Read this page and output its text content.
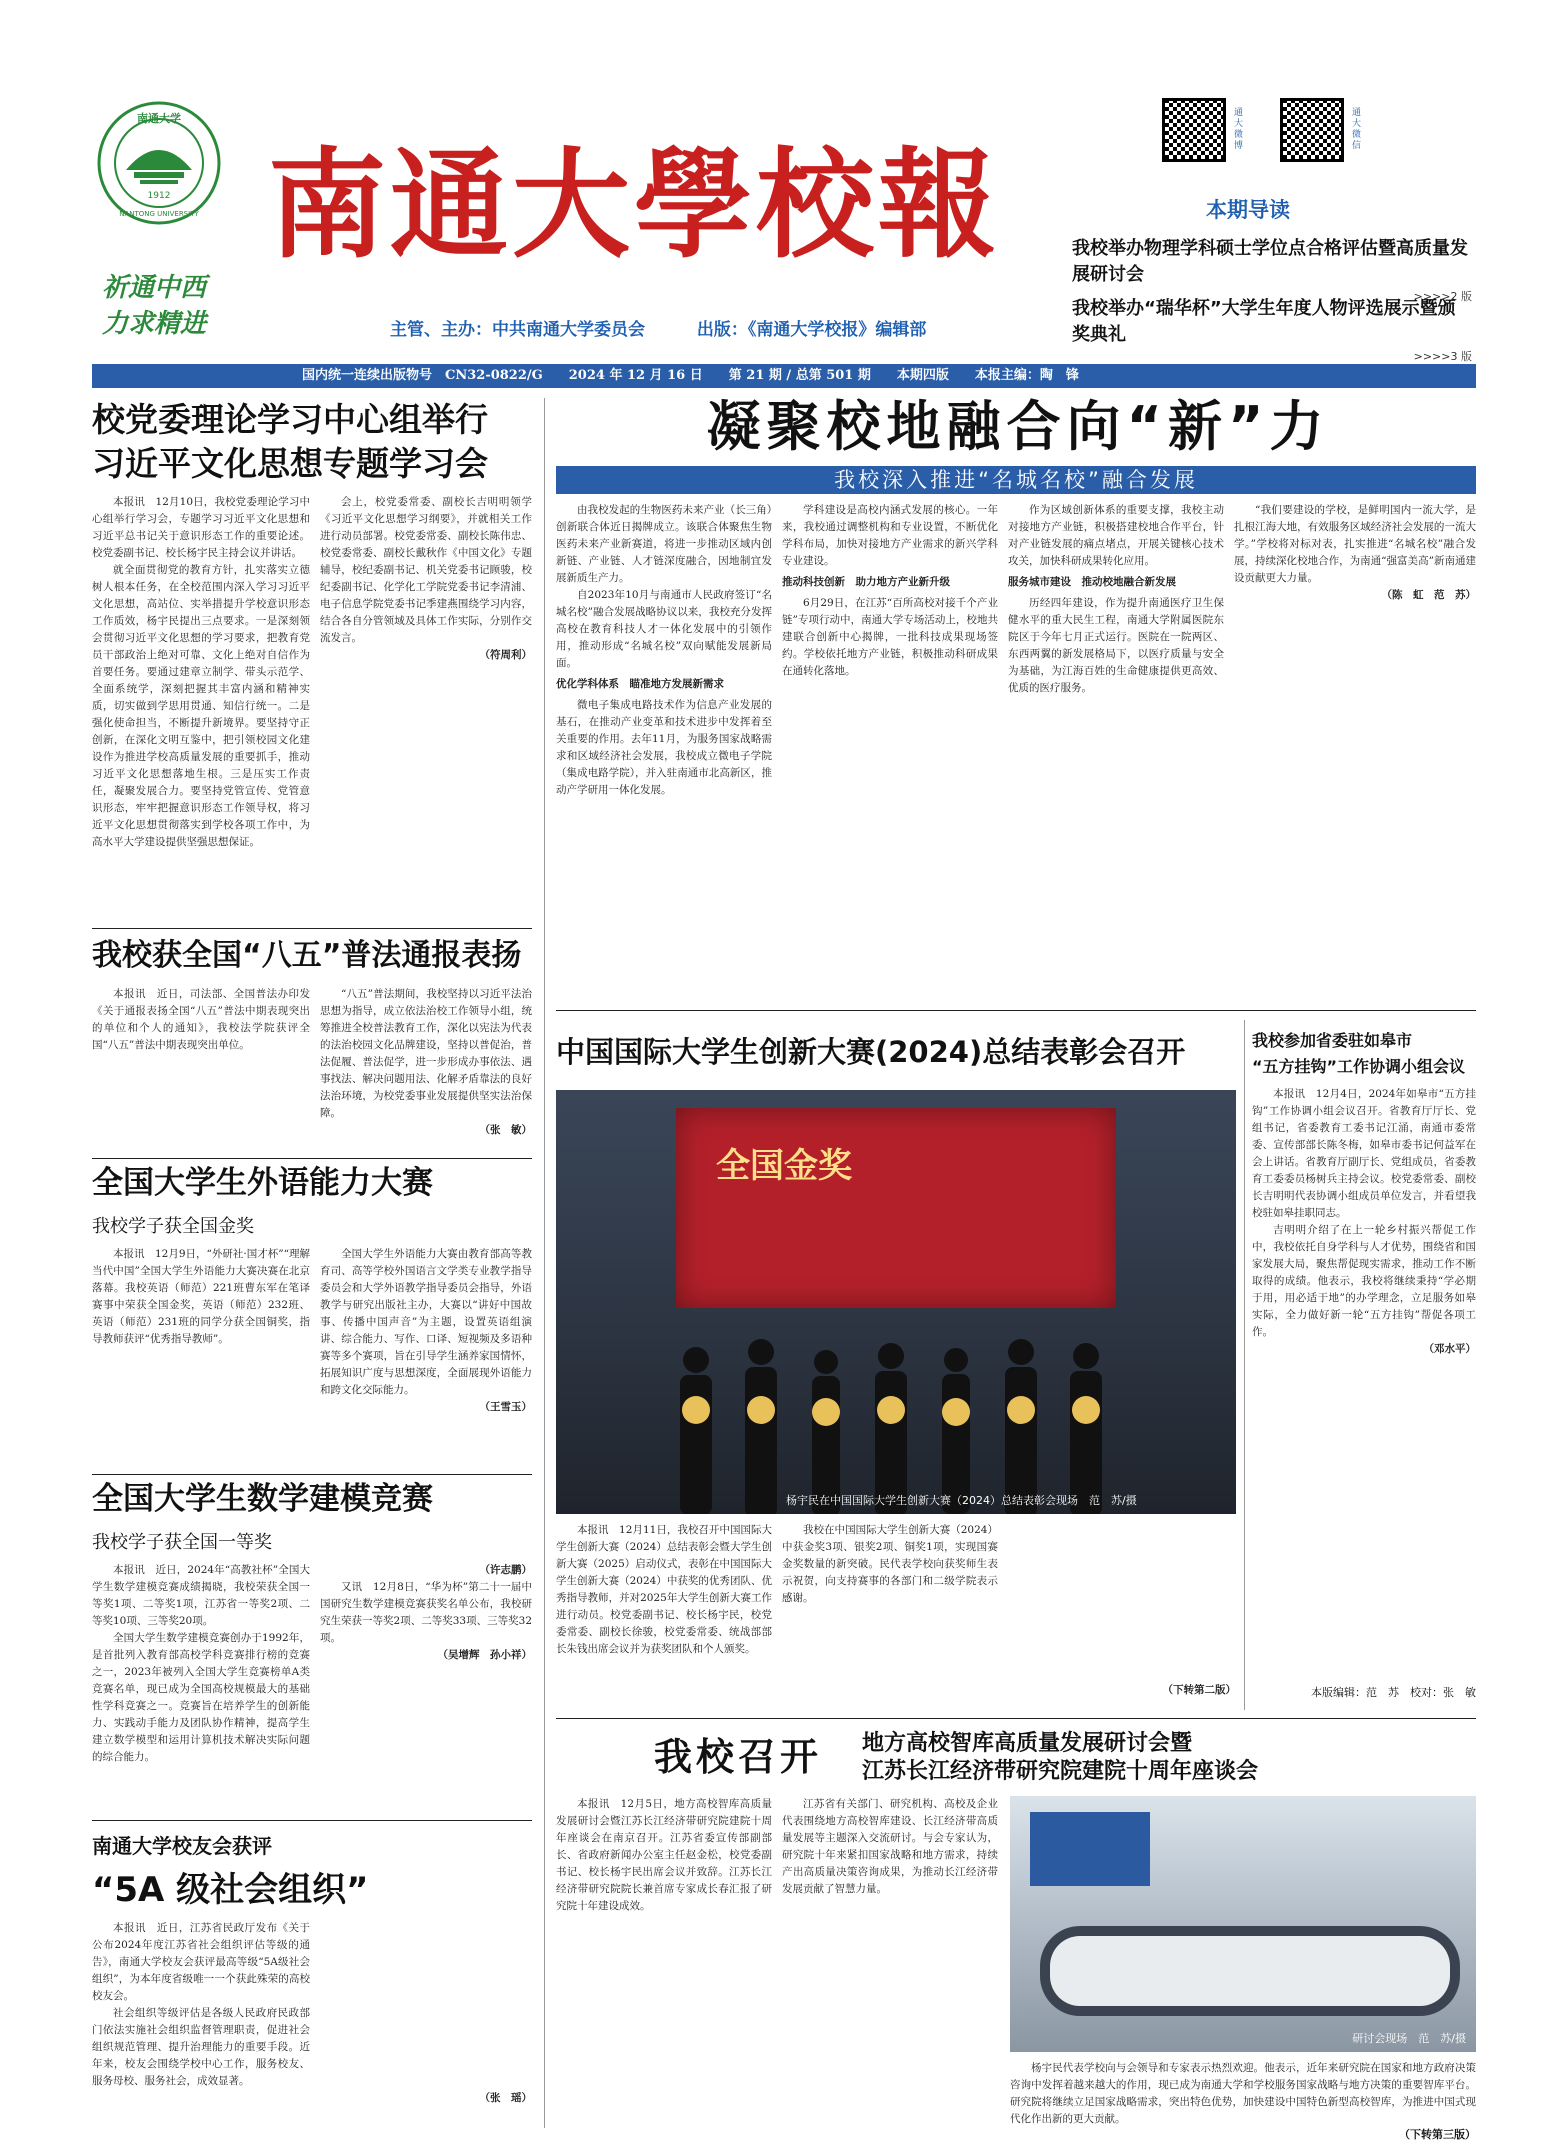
南通大学
1912
NANTONG UNIVERSITY
祈通中西
力求精进
南通大學校報
主管、主办：中共南通大学委员会	出版：《南通大学校报》编辑部
通大微博
通大微信
本期导读
我校举办物理学科硕士学位点合格评估暨高质量发展研讨会
>>>>2 版
我校举办“瑞华杯”大学生年度人物评选展示暨颁奖典礼
>>>>3 版
国内统一连续出版物号　CN32-0822/G 2024 年 12 月 16 日 第 21 期 / 总第 501 期 本期四版 本报主编：陶　锋
校党委理论学习中心组举行
习近平文化思想专题学习会

本报讯　12月10日，我校党委理论学习中心组举行学习会，专题学习习近平文化思想和习近平总书记关于意识形态工作的重要论述。校党委副书记、校长杨宇民主持会议并讲话。

就全面贯彻党的教育方针，扎实落实立德树人根本任务，在全校范围内深入学习习近平文化思想，高站位、实举措提升学校意识形态工作质效，杨宇民提出三点要求。一是深刻领会贯彻习近平文化思想的学习要求，把教育党员干部政治上绝对可靠、文化上绝对自信作为首要任务。要通过建章立制学、带头示范学、全面系统学，深刻把握其丰富内涵和精神实质，切实做到学思用贯通、知信行统一。二是强化使命担当，不断提升新境界。要坚持守正创新，在深化文明互鉴中，把引领校园文化建设作为推进学校高质量发展的重要抓手，推动习近平文化思想落地生根。三是压实工作责任，凝聚发展合力。要坚持党管宣传、党管意识形态，牢牢把握意识形态工作领导权，将习近平文化思想贯彻落实到学校各项工作中，为高水平大学建设提供坚强思想保证。

会上，校党委常委、副校长吉明明领学《习近平文化思想学习纲要》，并就相关工作进行动员部署。校党委常委、副校长陈伟忠、校党委常委、副校长戴秋作《中国文化》专题辅导，校纪委副书记、机关党委书记顾骏，校纪委副书记、化学化工学院党委书记李清浦、电子信息学院党委书记季建燕围绕学习内容，结合各自分管领域及具体工作实际，分别作交流发言。

（符周利）
我校获全国“八五”普法通报表扬

本报讯　近日，司法部、全国普法办印发《关于通报表扬全国“八五”普法中期表现突出的单位和个人的通知》，我校法学院获评全国“八五”普法中期表现突出单位。

“八五”普法期间，我校坚持以习近平法治思想为指导，成立依法治校工作领导小组，统筹推进全校普法教育工作，深化以宪法为代表的法治校园文化品牌建设，坚持以普促治，普法促履、普法促学，进一步形成办事依法、遇事找法、解决问题用法、化解矛盾靠法的良好法治环境，为校党委事业发展提供坚实法治保障。

（张　敏）
全国大学生外语能力大赛
我校学子获全国金奖

本报讯　12月9日，“外研社·国才杯”“理解当代中国”全国大学生外语能力大赛决赛在北京落幕。我校英语（师范）221班曹东军在笔译赛事中荣获全国金奖，英语（师范）232班、英语（师范）231班的同学分获全国铜奖，指导教师获评“优秀指导教师”。

全国大学生外语能力大赛由教育部高等教育司、高等学校外国语言文学类专业教学指导委员会和大学外语教学指导委员会指导，外语教学与研究出版社主办，大赛以“讲好中国故事、传播中国声音”为主题，设置英语组演讲、综合能力、写作、口译、短视频及多语种赛等多个赛项，旨在引导学生涵养家国情怀，拓展知识广度与思想深度，全面展现外语能力和跨文化交际能力。

（王雪玉）
全国大学生数学建模竞赛
我校学子获全国一等奖

本报讯　近日，2024年“高教社杯”全国大学生数学建模竞赛成绩揭晓，我校荣获全国一等奖1项、二等奖1项，江苏省一等奖2项、二等奖10项、三等奖20项。

全国大学生数学建模竞赛创办于1992年，是首批列入教育部高校学科竞赛排行榜的竞赛之一，2023年被列入全国大学生竞赛榜单A类竞赛名单，现已成为全国高校规模最大的基础性学科竞赛之一。竞赛旨在培养学生的创新能力、实践动手能力及团队协作精神，提高学生建立数学模型和运用计算机技术解决实际问题的综合能力。

（许志鹏）

又讯　12月8日，“华为杯”第二十一届中国研究生数学建模竞赛获奖名单公布，我校研究生荣获一等奖2项、二等奖33项、三等奖32项。

（吴增辉　孙小祥）
南通大学校友会获评
“5A 级社会组织”

本报讯　近日，江苏省民政厅发布《关于公布2024年度江苏省社会组织评估等级的通告》，南通大学校友会获评最高等级“5A级社会组织”，为本年度省级唯一一个获此殊荣的高校校友会。

社会组织等级评估是各级人民政府民政部门依法实施社会组织监督管理职责，促进社会组织规范管理、提升治理能力的重要手段。近年来，校友会围绕学校中心工作，服务校友、服务母校、服务社会，成效显著。

（张　瑶）
凝聚校地融合向“新”力
我校深入推进“名城名校”融合发展

由我校发起的生物医药未来产业（长三角）创新联合体近日揭牌成立。该联合体聚焦生物医药未来产业新赛道，将进一步推动区域内创新链、产业链、人才链深度融合，因地制宜发展新质生产力。

自2023年10月与南通市人民政府签订“名城名校”融合发展战略协议以来，我校充分发挥高校在教育科技人才一体化发展中的引领作用，推动形成“名城名校”双向赋能发展新局面。

优化学科体系　瞄准地方发展新需求

微电子集成电路技术作为信息产业发展的基石，在推动产业变革和技术进步中发挥着至关重要的作用。去年11月，为服务国家战略需求和区域经济社会发展，我校成立微电子学院（集成电路学院），并入驻南通市北高新区，推动产学研用一体化发展。

学科建设是高校内涵式发展的核心。一年来，我校通过调整机构和专业设置，不断优化学科布局，加快对接地方产业需求的新兴学科专业建设。

推动科技创新　助力地方产业新升级

6月29日，在江苏“百所高校对接千个产业链”专项行动中，南通大学专场活动上，校地共建联合创新中心揭牌，一批科技成果现场签约。学校依托地方产业链，积极推动科研成果在通转化落地。

作为区域创新体系的重要支撑，我校主动对接地方产业链，积极搭建校地合作平台，针对产业链发展的痛点堵点，开展关键核心技术攻关，加快科研成果转化应用。

服务城市建设　推动校地融合新发展

历经四年建设，作为提升南通医疗卫生保健水平的重大民生工程，南通大学附属医院东院区于今年七月正式运行。医院在一院两区、东西两翼的新发展格局下，以医疗质量与安全为基础，为江海百姓的生命健康提供更高效、优质的医疗服务。

“我们要建设的学校，是鲜明国内一流大学，是扎根江海大地，有效服务区域经济社会发展的一流大学。”学校将对标对表，扎实推进“名城名校”融合发展，持续深化校地合作，为南通“强富美高”新南通建设贡献更大力量。

（陈　虹　范　苏）
中国国际大学生创新大赛(2024)总结表彰会召开
全国金奖
杨宇民在中国国际大学生创新大赛（2024）总结表彰会现场　范　苏/摄

本报讯　12月11日，我校召开中国国际大学生创新大赛（2024）总结表彰会暨大学生创新大赛（2025）启动仪式，表彰在中国国际大学生创新大赛（2024）中获奖的优秀团队、优秀指导教师，并对2025年大学生创新大赛工作进行动员。校党委副书记、校长杨宇民，校党委常委、副校长徐骏，校党委常委、统战部部长朱钱出席会议并为获奖团队和个人颁奖。

我校在中国国际大学生创新大赛（2024）中获金奖3项、银奖2项、铜奖1项，实现国赛金奖数量的新突破。民代表学校向获奖师生表示祝贺，向支持赛事的各部门和二级学院表示感谢。

（下转第二版）
我校参加省委驻如皋市
“五方挂钩”工作协调小组会议

本报讯　12月4日，2024年如皋市“五方挂钩”工作协调小组会议召开。省教育厅厅长、党组书记，省委教育工委书记江涌，南通市委常委、宣传部部长陈冬梅，如皋市委书记何益军在会上讲话。省教育厅副厅长、党组成员，省委教育工委委员杨树兵主持会议。校党委常委、副校长吉明明代表协调小组成员单位发言，并看望我校驻如皋挂职同志。

吉明明介绍了在上一轮乡村振兴帮促工作中，我校依托自身学科与人才优势，围绕省和国家发展大局，聚焦帮促现实需求，推动工作不断取得的成绩。他表示，我校将继续秉持“学必期于用，用必适于地”的办学理念，立足服务如皋实际，全力做好新一轮“五方挂钩”帮促各项工作。

（邓水平）
本版编辑：范　苏　校对：张　敏
我校召开 地方高校智库高质量发展研讨会暨
江苏长江经济带研究院建院十周年座谈会

本报讯　12月5日，地方高校智库高质量发展研讨会暨江苏长江经济带研究院建院十周年座谈会在南京召开。江苏省委宣传部副部长、省政府新闻办公室主任赵金松，校党委副书记、校长杨宇民出席会议并致辞。江苏长江经济带研究院院长兼首席专家成长春汇报了研究院十年建设成效。

江苏省有关部门、研究机构、高校及企业代表围绕地方高校智库建设、长江经济带高质量发展等主题深入交流研讨。与会专家认为，研究院十年来紧扣国家战略和地方需求，持续产出高质量决策咨询成果，为推动长江经济带发展贡献了智慧力量。

研讨会现场　范　苏/摄

杨宇民代表学校向与会领导和专家表示热烈欢迎。他表示，近年来研究院在国家和地方政府决策咨询中发挥着越来越大的作用，现已成为南通大学和学校服务国家战略与地方决策的重要智库平台。研究院将继续立足国家战略需求，突出特色优势，加快建设中国特色新型高校智库，为推进中国式现代化作出新的更大贡献。

（下转第三版）
